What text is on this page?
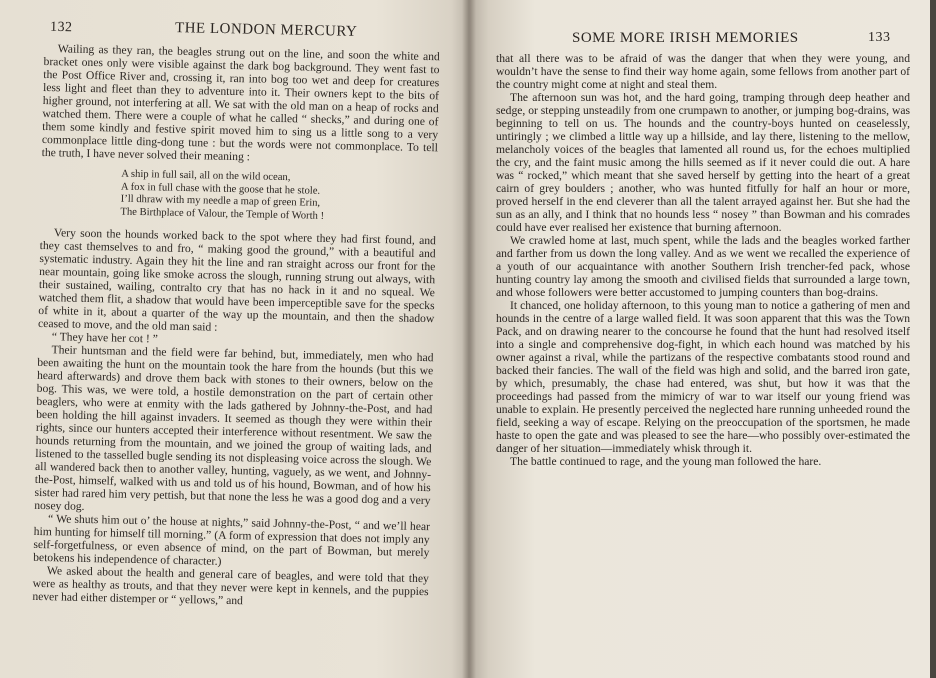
132	THE LONDON MERCURY

Wailing as they ran, the beagles strung out on the line, and soon the white and bracket ones only were visible against the dark bog background. They went fast to the Post Office River and, crossing it, ran into bog too wet and deep for creatures less light and fleet than they to adventure into it. Their owners kept to the bits of higher ground, not interfering at all. We sat with the old man on a heap of rocks and watched them. There were a couple of what he called “ shecks,” and during one of them some kindly and festive spirit moved him to sing us a little song to a very commonplace little ding-dong tune : but the words were not commonplace. To tell the truth, I have never solved their meaning :

A ship in full sail, all on the wild ocean,
A fox in full chase with the goose that he stole.
I’ll dhraw with my needle a map of green Erin,
The Birthplace of Valour, the Temple of Worth !

Very soon the hounds worked back to the spot where they had first found, and they cast themselves to and fro, “ making good the ground,” with a beautiful and systematic industry. Again they hit the line and ran straight across our front for the near mountain, going like smoke across the slough, running strung out always, with their sustained, wailing, contralto cry that has no hack in it and no squeal. We watched them flit, a shadow that would have been imperceptible save for the specks of white in it, about a quarter of the way up the mountain, and then the shadow ceased to move, and the old man said :

“ They have her cot ! ”

Their huntsman and the field were far behind, but, immediately, men who had been awaiting the hunt on the mountain took the hare from the hounds (but this we heard afterwards) and drove them back with stones to their owners, below on the bog. This was, we were told, a hostile demonstration on the part of certain other beaglers, who were at enmity with the lads gathered by Johnny-the-Post, and had been holding the hill against invaders. It seemed as though they were within their rights, since our hunters accepted their interference without resentment. We saw the hounds returning from the mountain, and we joined the group of waiting lads, and listened to the tasselled bugle sending its not displeasing voice across the slough. We all wandered back then to another valley, hunting, vaguely, as we went, and Johnny-the-Post, himself, walked with us and told us of his hound, Bowman, and of how his sister had rared him very pettish, but that none the less he was a good dog and a very nosey dog.

“ We shuts him out o’ the house at nights,” said Johnny-the-Post, “ and we’ll hear him hunting for himself till morning.” (A form of expression that does not imply any self-forgetfulness, or even absence of mind, on the part of Bowman, but merely betokens his independence of character.)

We asked about the health and general care of beagles, and were told that they were as healthy as trouts, and that they never were kept in kennels, and the puppies never had either distemper or “ yellows,” and

SOME MORE IRISH MEMORIES	133

that all there was to be afraid of was the danger that when they were young, and wouldn’t have the sense to find their way home again, some fellows from another part of the country might come at night and steal them.

The afternoon sun was hot, and the hard going, tramping through deep heather and sedge, or stepping unsteadily from one crumpawn to another, or jumping bog-drains, was beginning to tell on us. The hounds and the country-boys hunted on ceaselessly, untiringly ; we climbed a little way up a hillside, and lay there, listening to the mellow, melancholy voices of the beagles that lamented all round us, for the echoes multiplied the cry, and the faint music among the hills seemed as if it never could die out. A hare was “ rocked,” which meant that she saved herself by getting into the heart of a great cairn of grey boulders ; another, who was hunted fitfully for half an hour or more, proved herself in the end cleverer than all the talent arrayed against her. But she had the sun as an ally, and I think that no hounds less “ nosey ” than Bowman and his comrades could have ever realised her existence that burning afternoon.

We crawled home at last, much spent, while the lads and the beagles worked farther and farther from us down the long valley. And as we went we recalled the experience of a youth of our acquaintance with another Southern Irish trencher-fed pack, whose hunting country lay among the smooth and civilised fields that surrounded a large town, and whose followers were better accustomed to jumping counters than bog-drains.

It chanced, one holiday afternoon, to this young man to notice a gathering of men and hounds in the centre of a large walled field. It was soon apparent that this was the Town Pack, and on drawing nearer to the concourse he found that the hunt had resolved itself into a single and comprehensive dog-fight, in which each hound was matched by his owner against a rival, while the partizans of the respective combatants stood round and backed their fancies. The wall of the field was high and solid, and the barred iron gate, by which, presumably, the chase had entered, was shut, but how it was that the proceedings had passed from the mimicry of war to war itself our young friend was unable to explain. He presently perceived the neglected hare running unheeded round the field, seeking a way of escape. Relying on the preoccupation of the sportsmen, he made haste to open the gate and was pleased to see the hare—who possibly over-estimated the danger of her situation—immediately whisk through it.

The battle continued to rage, and the young man followed the hare.
